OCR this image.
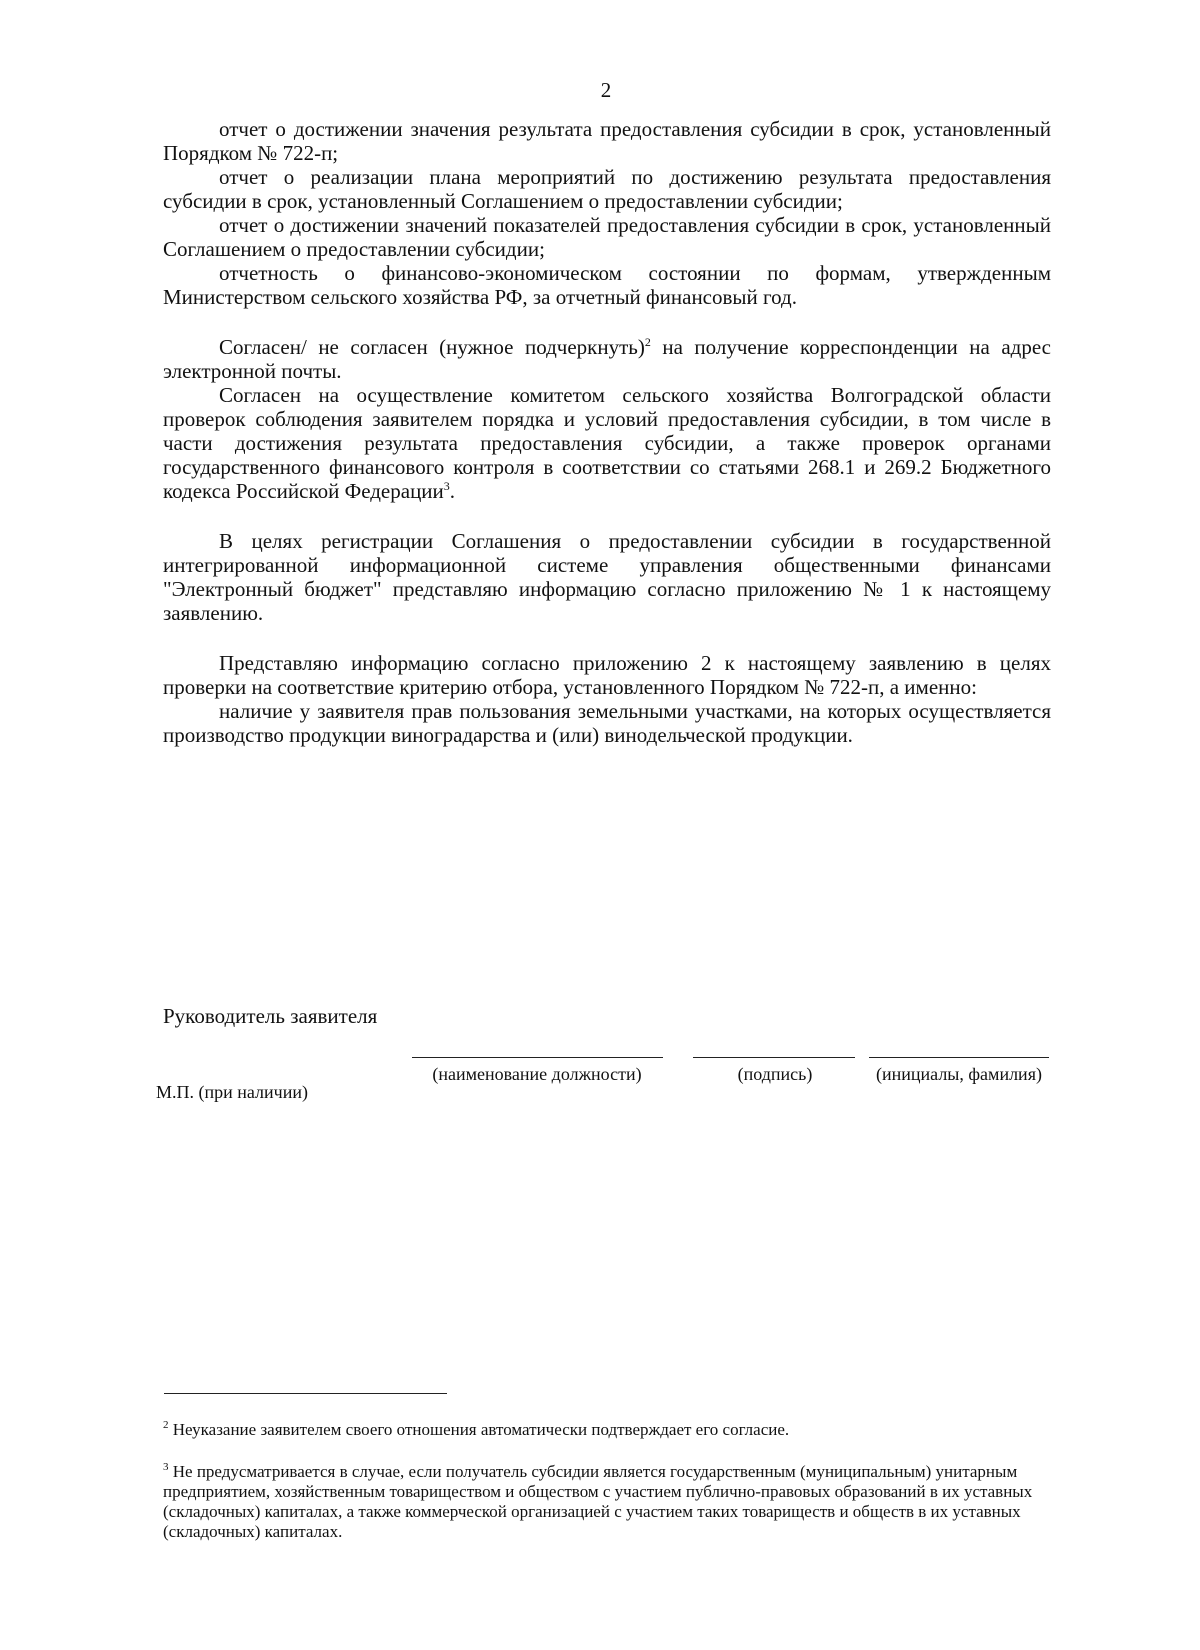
2

отчет о достижении значения результата предоставления субсидии в срок, установленный Порядком № 722-п;

отчет о реализации плана мероприятий по достижению результата предоставления субсидии в срок, установленный Соглашением о предоставлении субсидии;

отчет о достижении значений показателей предоставления субсидии в срок, установленный Соглашением о предоставлении субсидии;

отчетность о финансово-экономическом состоянии по формам, утвержденным Министерством сельского хозяйства РФ, за отчетный финансовый год.

Согласен/ не согласен (нужное подчеркнуть)$^2$ на получение корреспонденции на адрес электронной почты.

Согласен на осуществление комитетом сельского хозяйства Волгоградской области проверок соблюдения заявителем порядка и условий предоставления субсидии, в том числе в части достижения результата предоставления субсидии, а также проверок органами государственного финансового контроля в соответствии со статьями 268.1 и 269.2 Бюджетного кодекса Российской Федерации$^3$.

В целях регистрации Соглашения о предоставлении субсидии в государственной интегрированной информационной системе управления общественными финансами "Электронный бюджет" представляю информацию согласно приложению № 1 к настоящему заявлению.

Представляю информацию согласно приложению 2 к настоящему заявлению в целях проверки на соответствие критерию отбора, установленного Порядком № 722-п, а именно:

наличие у заявителя прав пользования земельными участками, на которых осуществляется производство продукции виноградарства и (или) винодельческой продукции.

Руководитель заявителя
(наименование должности)	(подпись)	(инициалы, фамилия)
М.П. (при наличии)
$^2$ Неуказание заявителем своего отношения автоматически подтверждает его согласие.
$^3$ Не предусматривается в случае, если получатель субсидии является государственным (муниципальным) унитарным предприятием, хозяйственным товариществом и обществом с участием публично-правовых образований в их уставных (складочных) капиталах, а также коммерческой организацией с участием таких товариществ и обществ в их уставных (складочных) капиталах.
